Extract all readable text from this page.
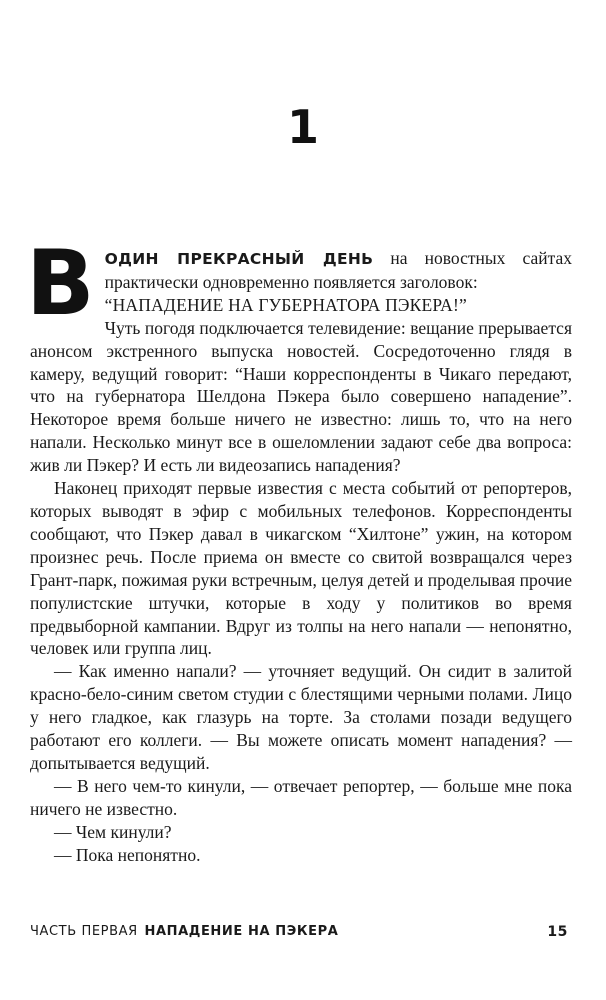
1

ВОДИН ПРЕКРАСНЫЙ ДЕНЬ на новостных сайтах практически одновременно появляется заголовок:

“НАПАДЕНИЕ НА ГУБЕРНАТОРА ПЭКЕРА!”

Чуть погодя подключается телевидение: вещание прерывается анонсом экстренного выпуска новостей. Сосредоточенно глядя в камеру, ведущий говорит: “Наши корреспонденты в Чикаго передают, что на губернатора Шелдона Пэкера было совершено нападение”. Некоторое время больше ничего не известно: лишь то, что на него напали. Несколько минут все в ошеломлении задают себе два вопроса: жив ли Пэкер? И есть ли видеозапись нападения?

Наконец приходят первые известия с места событий от репортеров, которых выводят в эфир с мобильных телефонов. Корреспонденты сообщают, что Пэкер давал в чикагском “Хилтоне” ужин, на котором произнес речь. После приема он вместе со свитой возвращался через Грант-парк, пожимая руки встречным, целуя детей и проделывая прочие популистские штучки, которые в ходу у политиков во время предвыборной кампании. Вдруг из толпы на него напали — непонятно, человек или группа лиц.

— Как именно напали? — уточняет ведущий. Он сидит в залитой красно-бело-синим светом студии с блестящими черными полами. Лицо у него гладкое, как глазурь на торте. За столами позади ведущего работают его коллеги. — Вы можете описать момент нападения? — допытывается ведущий.

— В него чем-то кинули, — отвечает репортер, — больше мне пока ничего не известно.

— Чем кинули?

— Пока непонятно.

ЧАСТЬ ПЕРВАЯ НАПАДЕНИЕ НА ПЭКЕРА	15
